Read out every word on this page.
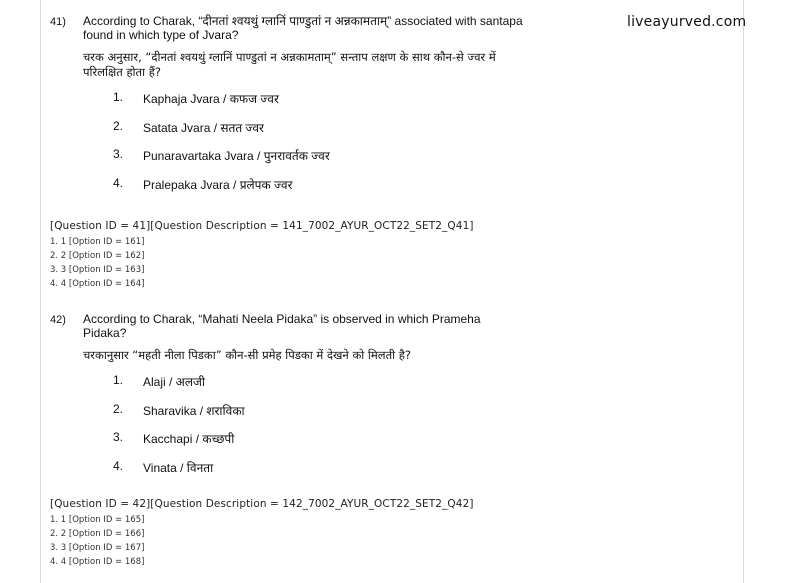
liveayurved.com
41) According to Charak, “दीनतां श्वयथुं ग्लानिं पाण्डुतां न अन्नकामताम्” associated with santapa found in which type of Jvara?
चरक अनुसार, “दीनतां श्वयथुं ग्लानिं पाण्डुतां न अन्नकामताम्” सन्ताप लक्षण के साथ कौन-से ज्वर में परिलक्षित होता हैं?
1.	Kaphaja Jvara / कफज ज्वर
2.	Satata Jvara / सतत ज्वर
3.	Punaravartaka Jvara / पुनरावर्तक ज्वर
4.	Pralepaka Jvara / प्रलेपक ज्वर
[Question ID = 41][Question Description = 141_7002_AYUR_OCT22_SET2_Q41]
1. 1 [Option ID = 161]
2. 2 [Option ID = 162]
3. 3 [Option ID = 163]
4. 4 [Option ID = 164]
42) According to Charak, “Mahati Neela Pidaka” is observed in which Prameha Pidaka?
चरकानुसार “महती नीला पिडका” कौन-सी प्रमेह पिडका में देखने को मिलती है?
1.	Alaji / अलजी
2.	Sharavika / शराविका
3.	Kacchapi / कच्छपी
4.	Vinata / विनता
[Question ID = 42][Question Description = 142_7002_AYUR_OCT22_SET2_Q42]
1. 1 [Option ID = 165]
2. 2 [Option ID = 166]
3. 3 [Option ID = 167]
4. 4 [Option ID = 168]
